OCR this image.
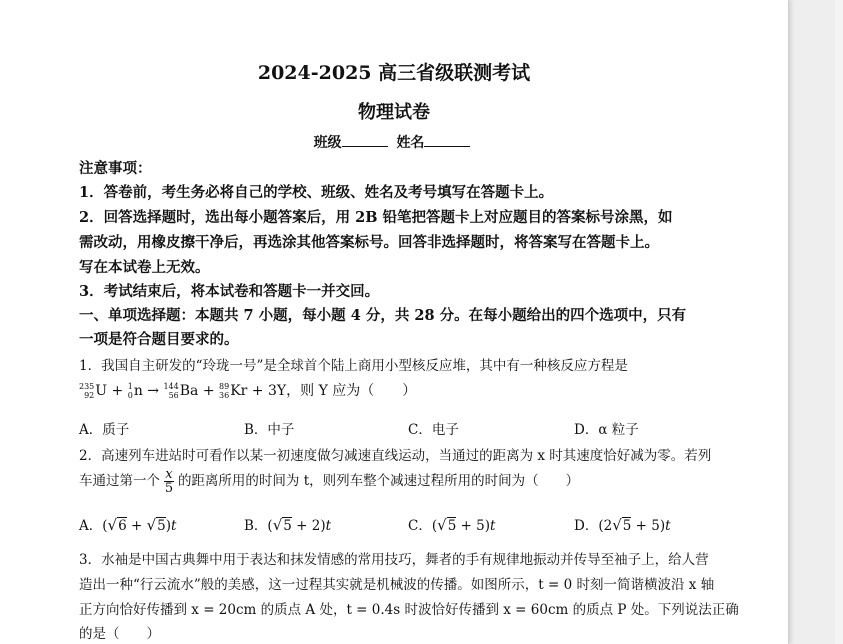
2024-2025 高三省级联测考试
物理试卷
班级	姓名
注意事项：
1．答卷前，考生务必将自己的学校、班级、姓名及考号填写在答题卡上。
2．回答选择题时，选出每小题答案后，用 2B 铅笔把答题卡上对应题目的答案标号涂黑，如
需改动，用橡皮擦干净后，再选涂其他答案标号。回答非选择题时，将答案写在答题卡上。
写在本试卷上无效。
3．考试结束后，将本试卷和答题卡一并交回。
一、单项选择题：本题共 7 小题，每小题 4 分，共 28 分。在每小题给出的四个选项中，只有
一项是符合题目要求的。
1．我国自主研发的“玲珑一号”是全球首个陆上商用小型核反应堆，其中有一种核反应方程是
235
92 U + 1
0 n → 144
56 Ba + 89
36 Kr + 3Y，则 Y 应为（　　）
A．质子	B．中子	C．电子	D．α 粒子
2．高速列车进站时可看作以某一初速度做匀减速直线运动，当通过的距离为 x 时其速度恰好减为零。若列
车通过第一个 $\frac{x}{5}$ 的距离所用的时间为 t，则列车整个减速过程所用的时间为（　　）
A．(√6 + √5)t	B．(√5 + 2)t	C．(√5 + 5)t	D．(2√5 + 5)t
3．水袖是中国古典舞中用于表达和抹发情感的常用技巧，舞者的手有规律地振动并传导至袖子上，给人营
造出一种“行云流水”般的美感，这一过程其实就是机械波的传播。如图所示，t = 0 时刻一简谐横波沿 x 轴
正方向恰好传播到 x = 20cm 的质点 A 处，t = 0.4s 时波恰好传播到 x = 60cm 的质点 P 处。下列说法正确
的是（　　）
